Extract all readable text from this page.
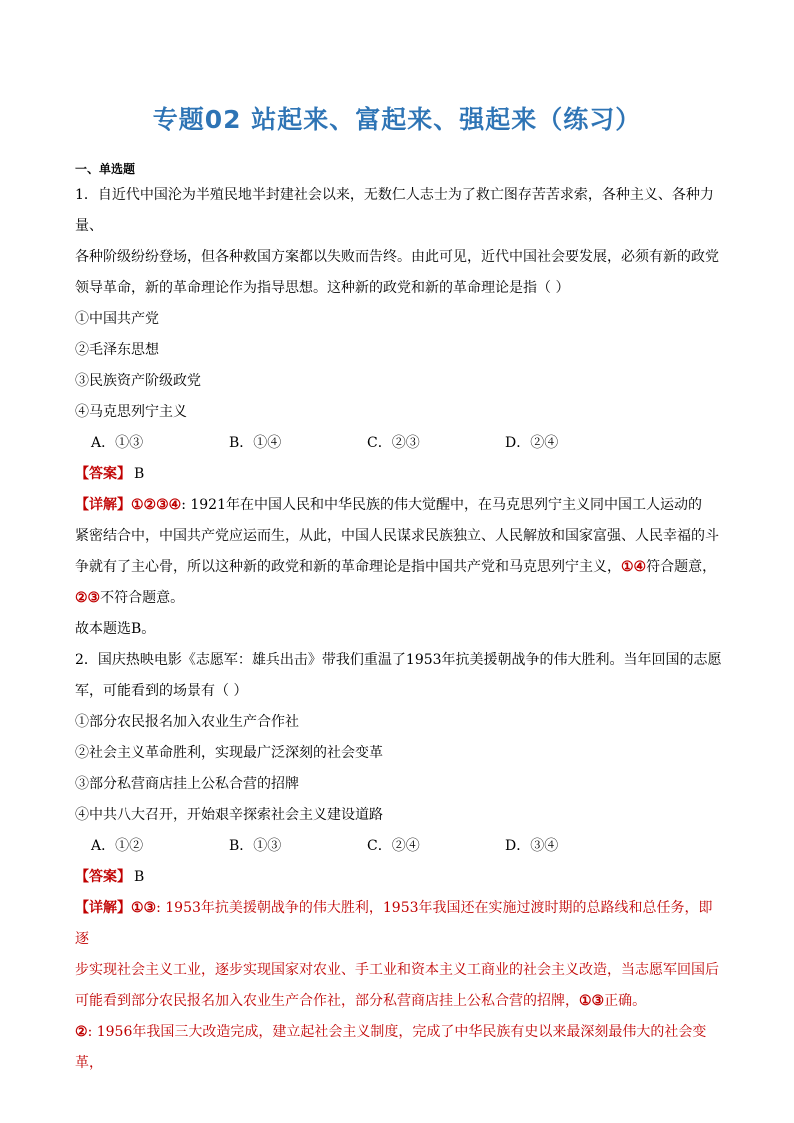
专题02 站起来、富起来、强起来（练习）
一、单选题

1．自近代中国沦为半殖民地半封建社会以来，无数仁人志士为了救亡图存苦苦求索，各种主义、各种力量、

各种阶级纷纷登场，但各种救国方案都以失败而告终。由此可见，近代中国社会要发展，必须有新的政党

领导革命，新的革命理论作为指导思想。这种新的政党和新的革命理论是指（ ）

①中国共产党

②毛泽东思想

③民族资产阶级政党

④马克思列宁主义

A．①③	B．①④	C．②③	D．②④

【答案】 B

【详解】①②③④: 1921年在中国人民和中华民族的伟大觉醒中，在马克思列宁主义同中国工人运动的

紧密结合中，中国共产党应运而生，从此，中国人民谋求民族独立、人民解放和国家富强、人民幸福的斗

争就有了主心骨，所以这种新的政党和新的革命理论是指中国共产党和马克思列宁主义，①④符合题意，

②③不符合题意。

故本题选B。

2．国庆热映电影《志愿军：雄兵出击》带我们重温了1953年抗美援朝战争的伟大胜利。当年回国的志愿

军，可能看到的场景有（ ）

①部分农民报名加入农业生产合作社

②社会主义革命胜利，实现最广泛深刻的社会变革

③部分私营商店挂上公私合营的招牌

④中共八大召开，开始艰辛探索社会主义建设道路

A．①②	B．①③	C．②④	D．③④

【答案】 B

【详解】①③: 1953年抗美援朝战争的伟大胜利，1953年我国还在实施过渡时期的总路线和总任务，即逐

步实现社会主义工业，逐步实现国家对农业、手工业和资本主义工商业的社会主义改造，当志愿军回国后

可能看到部分农民报名加入农业生产合作社，部分私营商店挂上公私合营的招牌，①③正确。

②: 1956年我国三大改造完成，建立起社会主义制度，完成了中华民族有史以来最深刻最伟大的社会变革，
